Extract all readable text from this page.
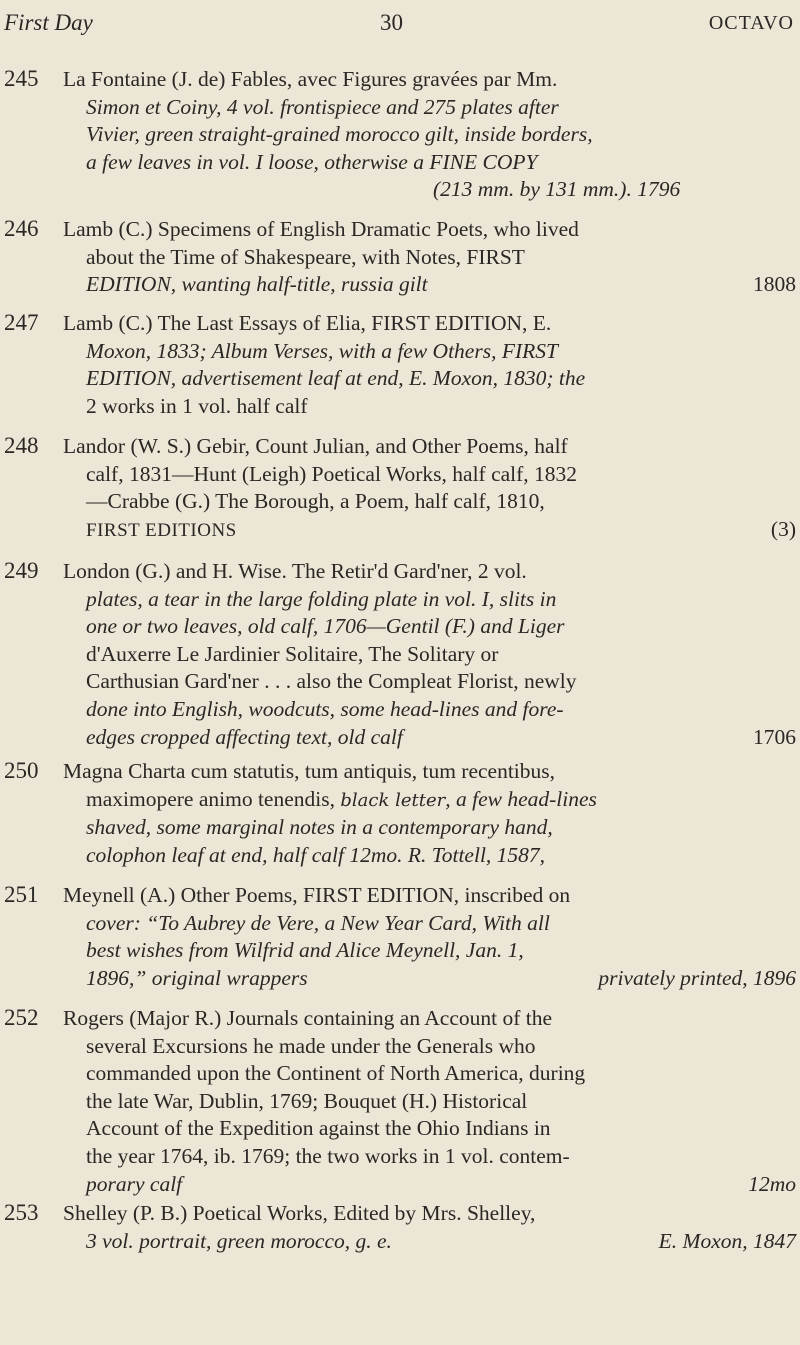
First Day	30	OCTAVO
245 La Fontaine (J. de) Fables, avec Figures gravées par Mm.
Simon et Coiny, 4 vol. frontispiece and 275 plates after
Vivier, green straight-grained morocco gilt, inside borders,
a few leaves in vol. I loose, otherwise a FINE COPY
(213 mm. by 131 mm.). 1796
246 Lamb (C.) Specimens of English Dramatic Poets, who lived
about the Time of Shakespeare, with Notes, FIRST
EDITION, wanting half-title, russia gilt	1808
247 Lamb (C.) The Last Essays of Elia, FIRST EDITION, E.
Moxon, 1833; Album Verses, with a few Others, FIRST
EDITION, advertisement leaf at end, E. Moxon, 1830; the
2 works in 1 vol. half calf
248 Landor (W. S.) Gebir, Count Julian, and Other Poems, half
calf, 1831—Hunt (Leigh) Poetical Works, half calf, 1832
—Crabbe (G.) The Borough, a Poem, half calf, 1810,
FIRST EDITIONS	(3)
249 London (G.) and H. Wise. The Retir'd Gard'ner, 2 vol.
plates, a tear in the large folding plate in vol. I, slits in
one or two leaves, old calf, 1706—Gentil (F.) and Liger
d'Auxerre Le Jardinier Solitaire, The Solitary or
Carthusian Gard'ner . . . also the Compleat Florist, newly
done into English, woodcuts, some head-lines and fore-
edges cropped affecting text, old calf	1706
250 Magna Charta cum statutis, tum antiquis, tum recentibus,
maximopere animo tenendis, black letter, a few head-lines
shaved, some marginal notes in a contemporary hand,
colophon leaf at end, half calf 12mo. R. Tottell, 1587,
251 Meynell (A.) Other Poems, FIRST EDITION, inscribed on
cover: “To Aubrey de Vere, a New Year Card, With all
best wishes from Wilfrid and Alice Meynell, Jan. 1,
1896,” original wrappers	privately printed, 1896
252 Rogers (Major R.) Journals containing an Account of the
several Excursions he made under the Generals who
commanded upon the Continent of North America, during
the late War, Dublin, 1769; Bouquet (H.) Historical
Account of the Expedition against the Ohio Indians in
the year 1764, ib. 1769; the two works in 1 vol. contem-
porary calf	12mo
253 Shelley (P. B.) Poetical Works, Edited by Mrs. Shelley,
3 vol. portrait, green morocco, g. e.	E. Moxon, 1847
